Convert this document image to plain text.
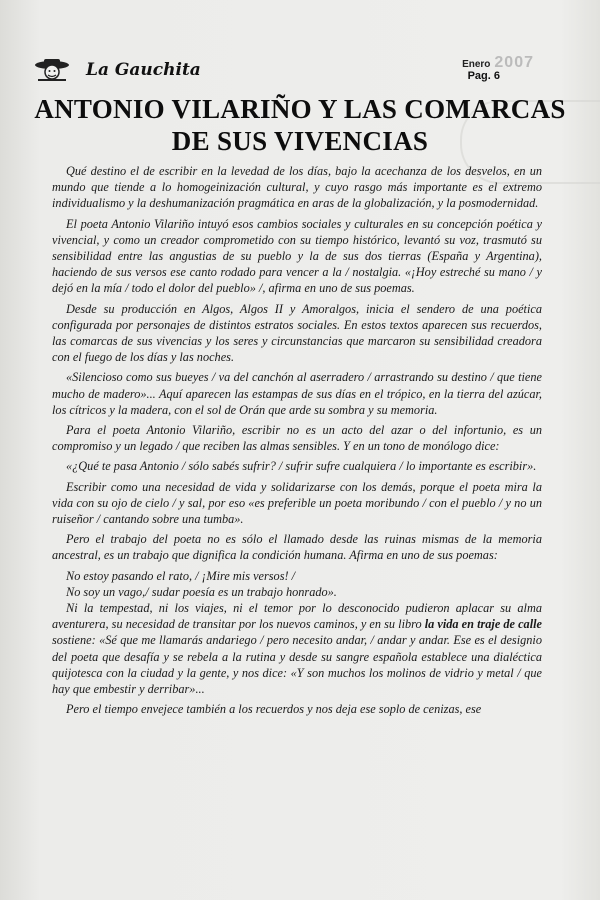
La Gauchita	Enero 2007
Pag. 6
ANTONIO VILARIÑO Y LAS COMARCAS DE SUS VIVENCIAS

Qué destino el de escribir en la levedad de los días, bajo la acechanza de los desvelos, en un mundo que tiende a lo homogeinización cultural, y cuyo rasgo más importante es el extremo individualismo y la deshumanización pragmática en aras de la globalización, y la posmodernidad.

El poeta Antonio Vilariño intuyó esos cambios sociales y culturales en su concepción poética y vivencial, y como un creador comprometido con su tiempo histórico, levantó su voz, trasmutó su sensibilidad entre las angustias de su pueblo y la de sus dos tierras (España y Argentina), haciendo de sus versos ese canto rodado para vencer a la / nostalgia. «¡Hoy estreché su mano / y dejó en la mía / todo el dolor del pueblo» /, afirma en uno de sus poemas.

Desde su producción en Algos, Algos II y Amoralgos, inicia el sendero de una poética configurada por personajes de distintos estratos sociales. En estos textos aparecen sus recuerdos, las comarcas de sus vivencias y los seres y circunstancias que marcaron su sensibilidad creadora con el fuego de los días y las noches.

«Silencioso como sus bueyes / va del canchón al aserradero / arrastrando su destino / que tiene mucho de madero»... Aquí aparecen las estampas de sus días en el trópico, en la tierra del azúcar, los cítricos y la madera, con el sol de Orán que arde su sombra y su memoria.

Para el poeta Antonio Vilariño, escribir no es un acto del azar o del infortunio, es un compromiso y un legado / que reciben las almas sensibles. Y en un tono de monólogo dice:

«¿Qué te pasa Antonio / sólo sabés sufrir? / sufrir sufre cualquiera / lo importante es escribir».

Escribir como una necesidad de vida y solidarizarse con los demás, porque el poeta mira la vida con su ojo de cielo / y sal, por eso «es preferible un poeta moribundo / con el pueblo / y no un ruiseñor / cantando sobre una tumba».

Pero el trabajo del poeta no es sólo el llamado desde las ruinas mismas de la memoria ancestral, es un trabajo que dignifica la condición humana. Afirma en uno de sus poemas:

No estoy pasando el rato, / ¡Mire mis versos! /

No soy un vago,/ sudar poesía es un trabajo honrado».

Ni la tempestad, ni los viajes, ni el temor por lo desconocido pudieron aplacar su alma aventurera, su necesidad de transitar por los nuevos caminos, y en su libro la vida en traje de calle sostiene: «Sé que me llamarás andariego / pero necesito andar, / andar y andar. Ese es el designio del poeta que desafía y se rebela a la rutina y desde su sangre española establece una dialéctica quijotesca con la ciudad y la gente, y nos dice: «Y son muchos los molinos de vidrio y metal / que hay que embestir y derribar»...

Pero el tiempo envejece también a los recuerdos y nos deja ese soplo de cenizas, ese
